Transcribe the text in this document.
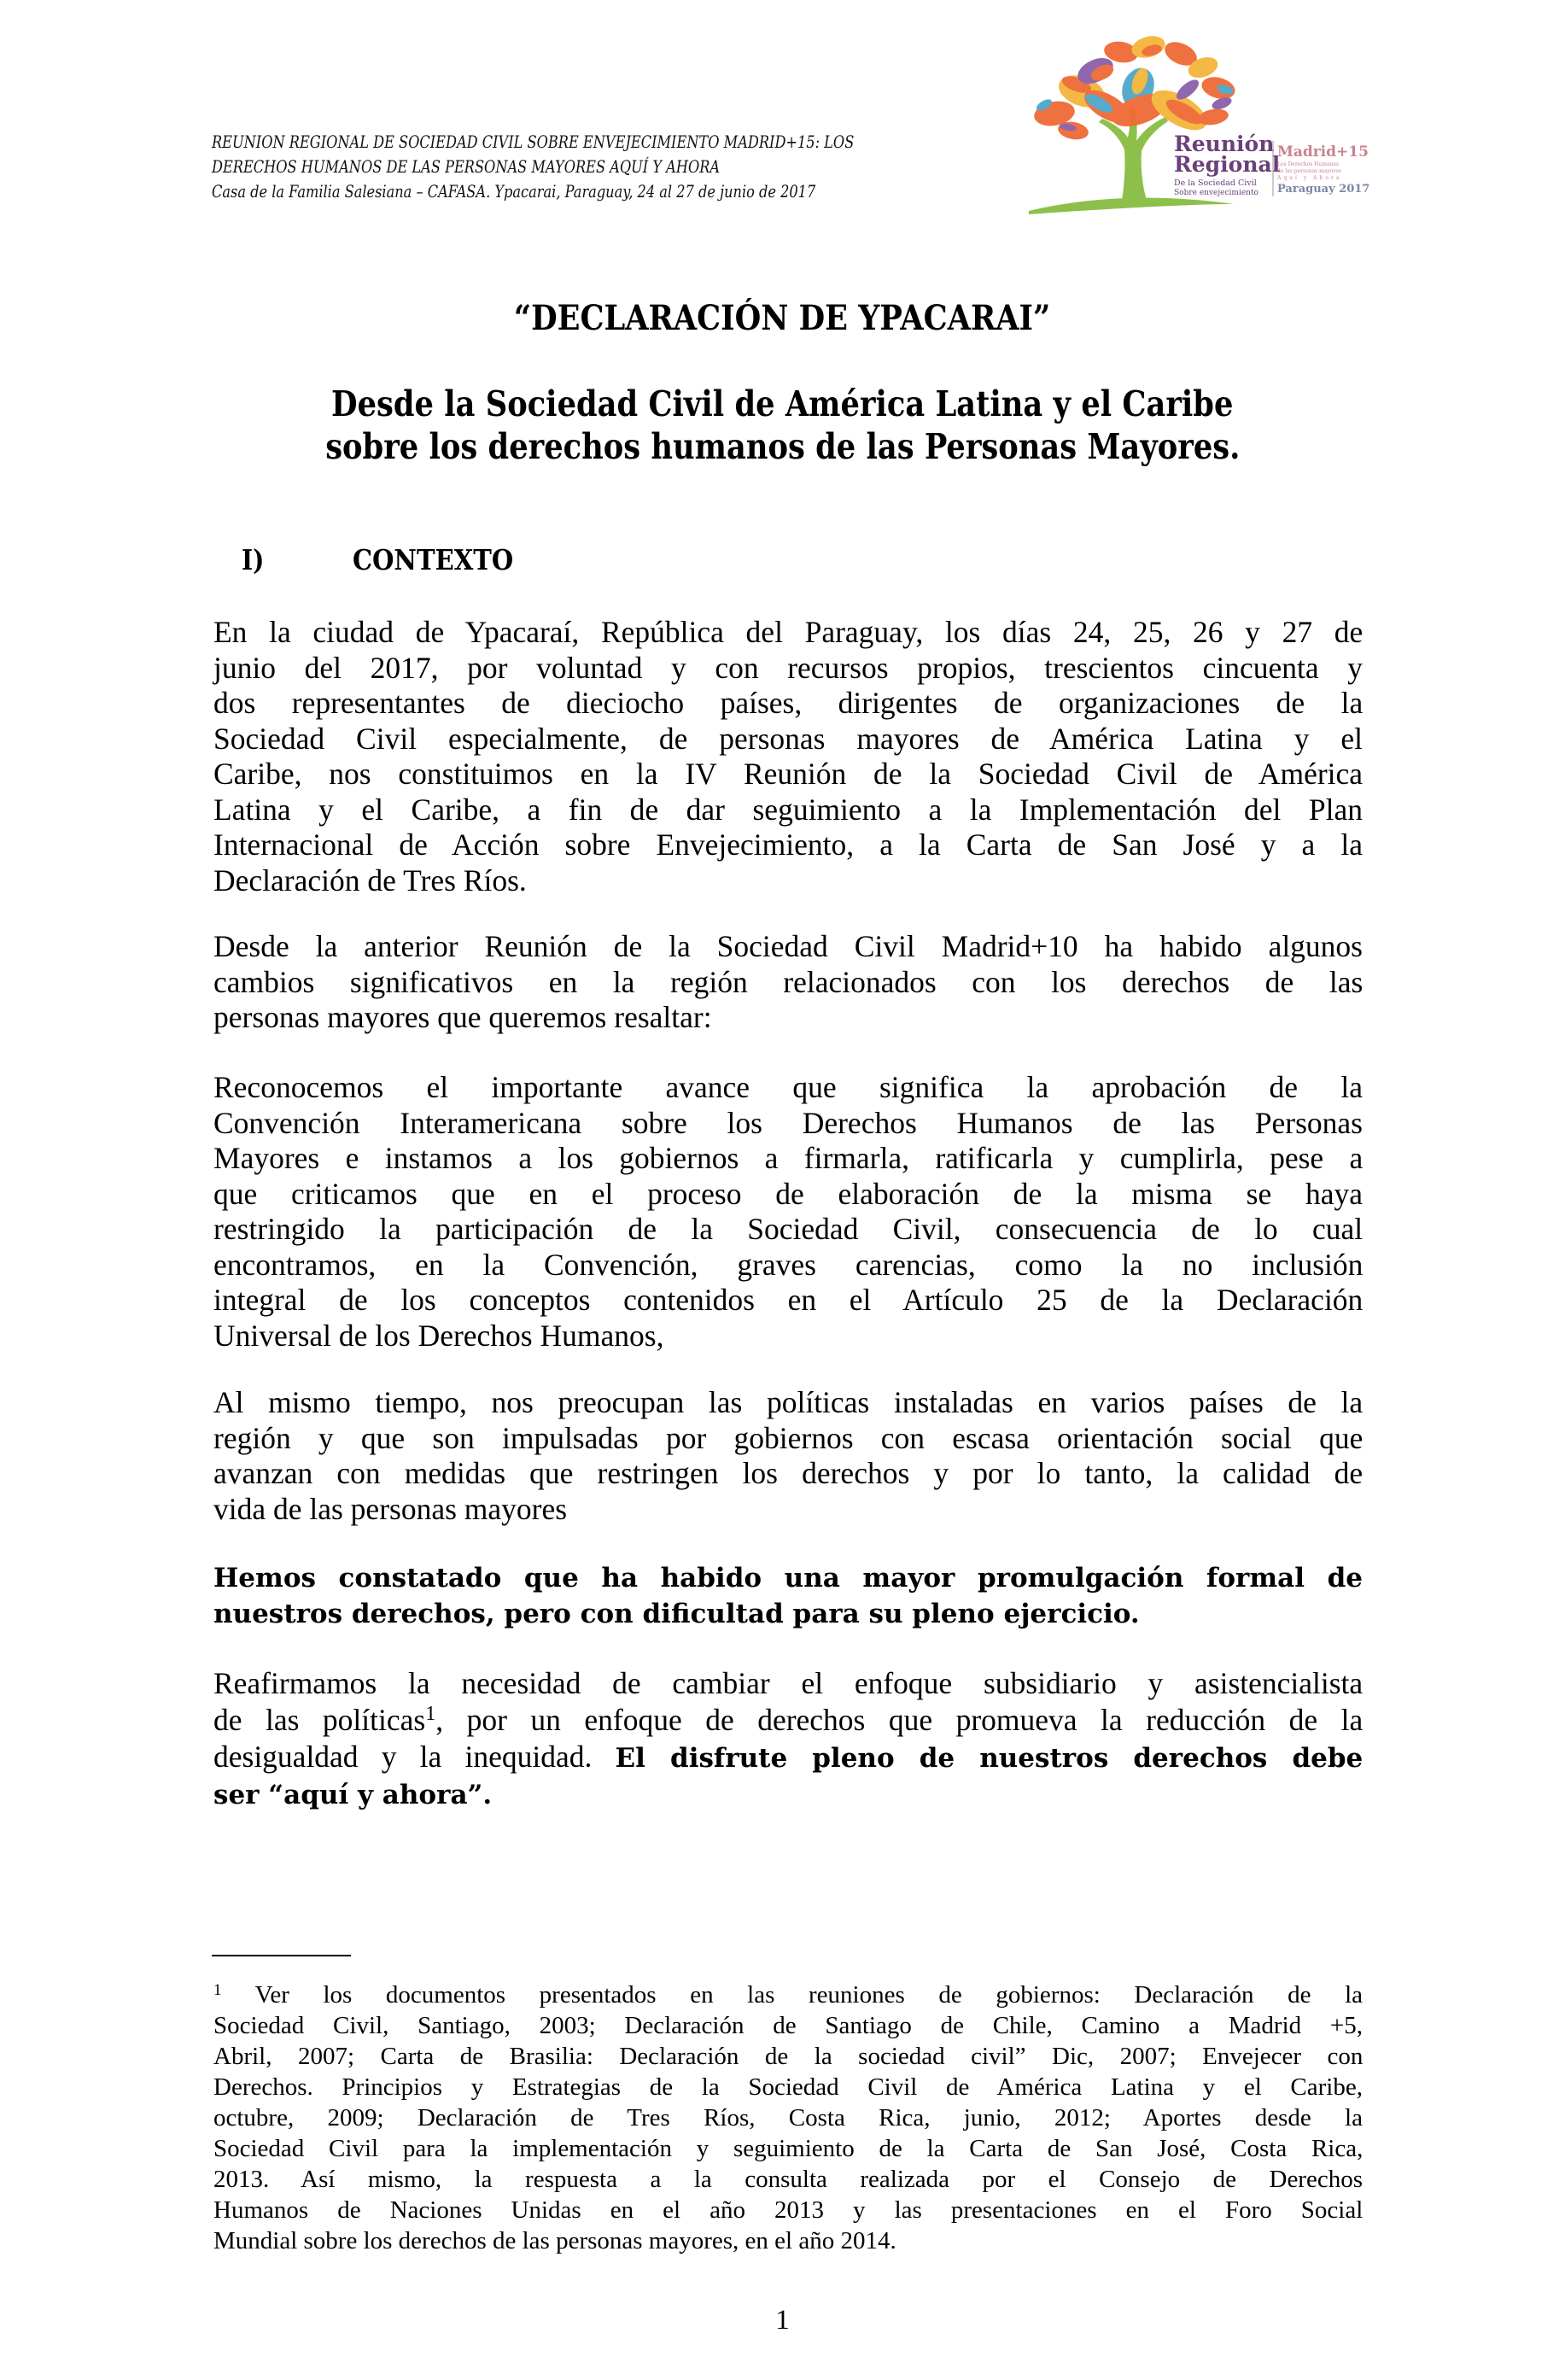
REUNION REGIONAL DE SOCIEDAD CIVIL SOBRE ENVEJECIMIENTO MADRID+15: LOS
DERECHOS HUMANOS DE LAS PERSONAS MAYORES AQUÍ Y AHORA
Casa de la Familia Salesiana – CAFASA. Ypacarai, Paraguay, 24 al 27 de junio de 2017
Reunión
Regional
De la Sociedad Civil
Sobre envejecimiento
Madrid+15
Los Derechos Humanos
de las personas mayores
Aquí y Ahora
Paraguay 2017
“DECLARACIÓN DE YPACARAI”
Desde la Sociedad Civil de América Latina y el Caribe
sobre los derechos humanos de las Personas Mayores.
I)	CONTEXTO
En la ciudad de Ypacaraí, República del Paraguay, los días 24, 25, 26 y 27 de
junio del 2017, por voluntad y con recursos propios, trescientos cincuenta y
dos representantes de dieciocho países, dirigentes de organizaciones de la
Sociedad Civil especialmente, de personas mayores de América Latina y el
Caribe, nos constituimos en la IV Reunión de la Sociedad Civil de América
Latina y el Caribe, a fin de dar seguimiento a la Implementación del Plan
Internacional de Acción sobre Envejecimiento, a la Carta de San José y a la
Declaración de Tres Ríos.
Desde la anterior Reunión de la Sociedad Civil Madrid+10 ha habido algunos
cambios significativos en la región relacionados con los derechos de las
personas mayores que queremos resaltar:
Reconocemos el importante avance que significa la aprobación de la
Convención Interamericana sobre los Derechos Humanos de las Personas
Mayores e instamos a los gobiernos a firmarla, ratificarla y cumplirla, pese a
que criticamos que en el proceso de elaboración de la misma se haya
restringido la participación de la Sociedad Civil, consecuencia de lo cual
encontramos, en la Convención, graves carencias, como la no inclusión
integral de los conceptos contenidos en el Artículo 25 de la Declaración
Universal de los Derechos Humanos,
Al mismo tiempo, nos preocupan las políticas instaladas en varios países de la
región y que son impulsadas por gobiernos con escasa orientación social que
avanzan con medidas que restringen los derechos y por lo tanto, la calidad de
vida de las personas mayores
Hemos constatado que ha habido una mayor promulgación formal de
nuestros derechos, pero con dificultad para su pleno ejercicio.
Reafirmamos la necesidad de cambiar el enfoque subsidiario y asistencialista
de las políticas$^1$, por un enfoque de derechos que promueva la reducción de la
desigualdad y la inequidad. El disfrute pleno de nuestros derechos debe
ser “aquí y ahora”.
$^1$ Ver los documentos presentados en las reuniones de gobiernos: Declaración de la
Sociedad Civil, Santiago, 2003; Declaración de Santiago de Chile, Camino a Madrid +5,
Abril, 2007; Carta de Brasilia: Declaración de la sociedad civil” Dic, 2007; Envejecer con
Derechos. Principios y Estrategias de la Sociedad Civil de América Latina y el Caribe,
octubre, 2009; Declaración de Tres Ríos, Costa Rica, junio, 2012; Aportes desde la
Sociedad Civil para la implementación y seguimiento de la Carta de San José, Costa Rica,
2013. Así mismo, la respuesta a la consulta realizada por el Consejo de Derechos
Humanos de Naciones Unidas en el año 2013 y las presentaciones en el Foro Social
Mundial sobre los derechos de las personas mayores, en el año 2014.
1
